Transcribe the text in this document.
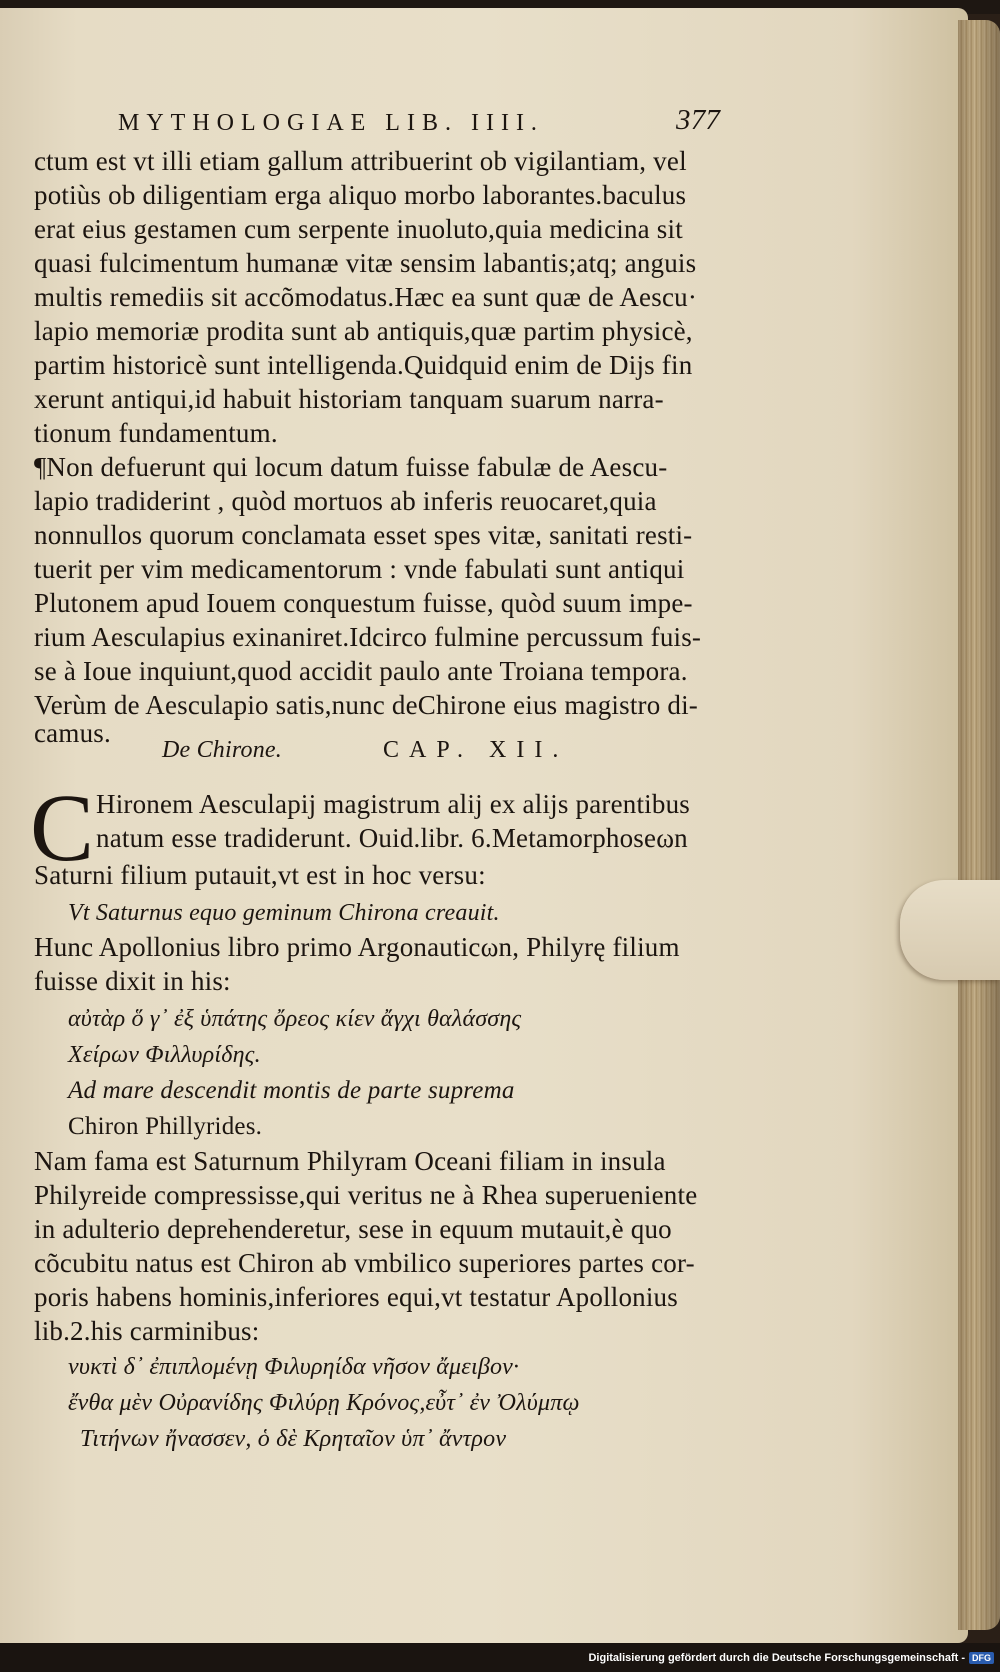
MYTHOLOGIAE LIB. IIII.	377
ctum est vt illi etiam gallum attribuerint ob vigilantiam, vel
potiùs ob diligentiam erga aliquo morbo laborantes.baculus
erat eius gestamen cum serpente inuoluto,quia medicina sit
quasi fulcimentum humanæ vitæ sensim labantis;atq; anguis
multis remediis sit accõmodatus.Hæc ea sunt quæ de Aescu·
lapio memoriæ prodita sunt ab antiquis,quæ partim physicè,
partim historicè sunt intelligenda.Quidquid enim de Dijs fin
xerunt antiqui,id habuit historiam tanquam suarum narra-
tionum fundamentum.
¶Non defuerunt qui locum datum fuisse fabulæ de Aescu-
lapio tradiderint , quòd mortuos ab inferis reuocaret,quia
nonnullos quorum conclamata esset spes vitæ, sanitati resti-
tuerit per vim medicamentorum : vnde fabulati sunt antiqui
Plutonem apud Iouem conquestum fuisse, quòd suum impe-
rium Aesculapius exinaniret.Idcirco fulmine percussum fuis-
se à Ioue inquiunt,quod accidit paulo ante Troiana tempora.
Verùm de Aesculapio satis,nunc deChirone eius magistro di-
camus.
De Chirone.	CAP. XII.
C Hironem Aesculapij magistrum alij ex alijs parentibus
natum esse tradiderunt. Ouid.libr. 6.Metamorphoseωn
Saturni filium putauit,vt est in hoc versu:
Vt Saturnus equo geminum Chirona creauit.
Hunc Apollonius libro primo Argonauticωn, Philyrę filium
fuisse dixit in his:
αὐτὰρ ὅ γ᾽ ἐξ ὑπάτης ὄρεος κίεν ἄγχι θαλάσσης
Χείρων Φιλλυρίδης.
Ad mare descendit montis de parte suprema
Chiron Phillyrides.
Nam fama est Saturnum Philyram Oceani filiam in insula
Philyreide compressisse,qui veritus ne à Rhea superueniente
in adulterio deprehenderetur, sese in equum mutauit,è quo
cõcubitu natus est Chiron ab vmbilico superiores partes cor-
poris habens hominis,inferiores equi,vt testatur Apollonius
lib.2.his carminibus:
νυκτὶ δ᾽ ἐπιπλομένῃ Φιλυρηίδα νῆσον ἄμειβον·
ἔνθα μὲν Οὐρανίδης Φιλύρῃ Κρόνος,εὖτ᾽ ἐν Ὀλύμπῳ
Τιτήνων ἤνασσεν, ὁ δὲ Κρηταῖον ὑπ᾽ ἄντρον
Digitalisierung gefördert durch die Deutsche Forschungsgemeinschaft - DFG
